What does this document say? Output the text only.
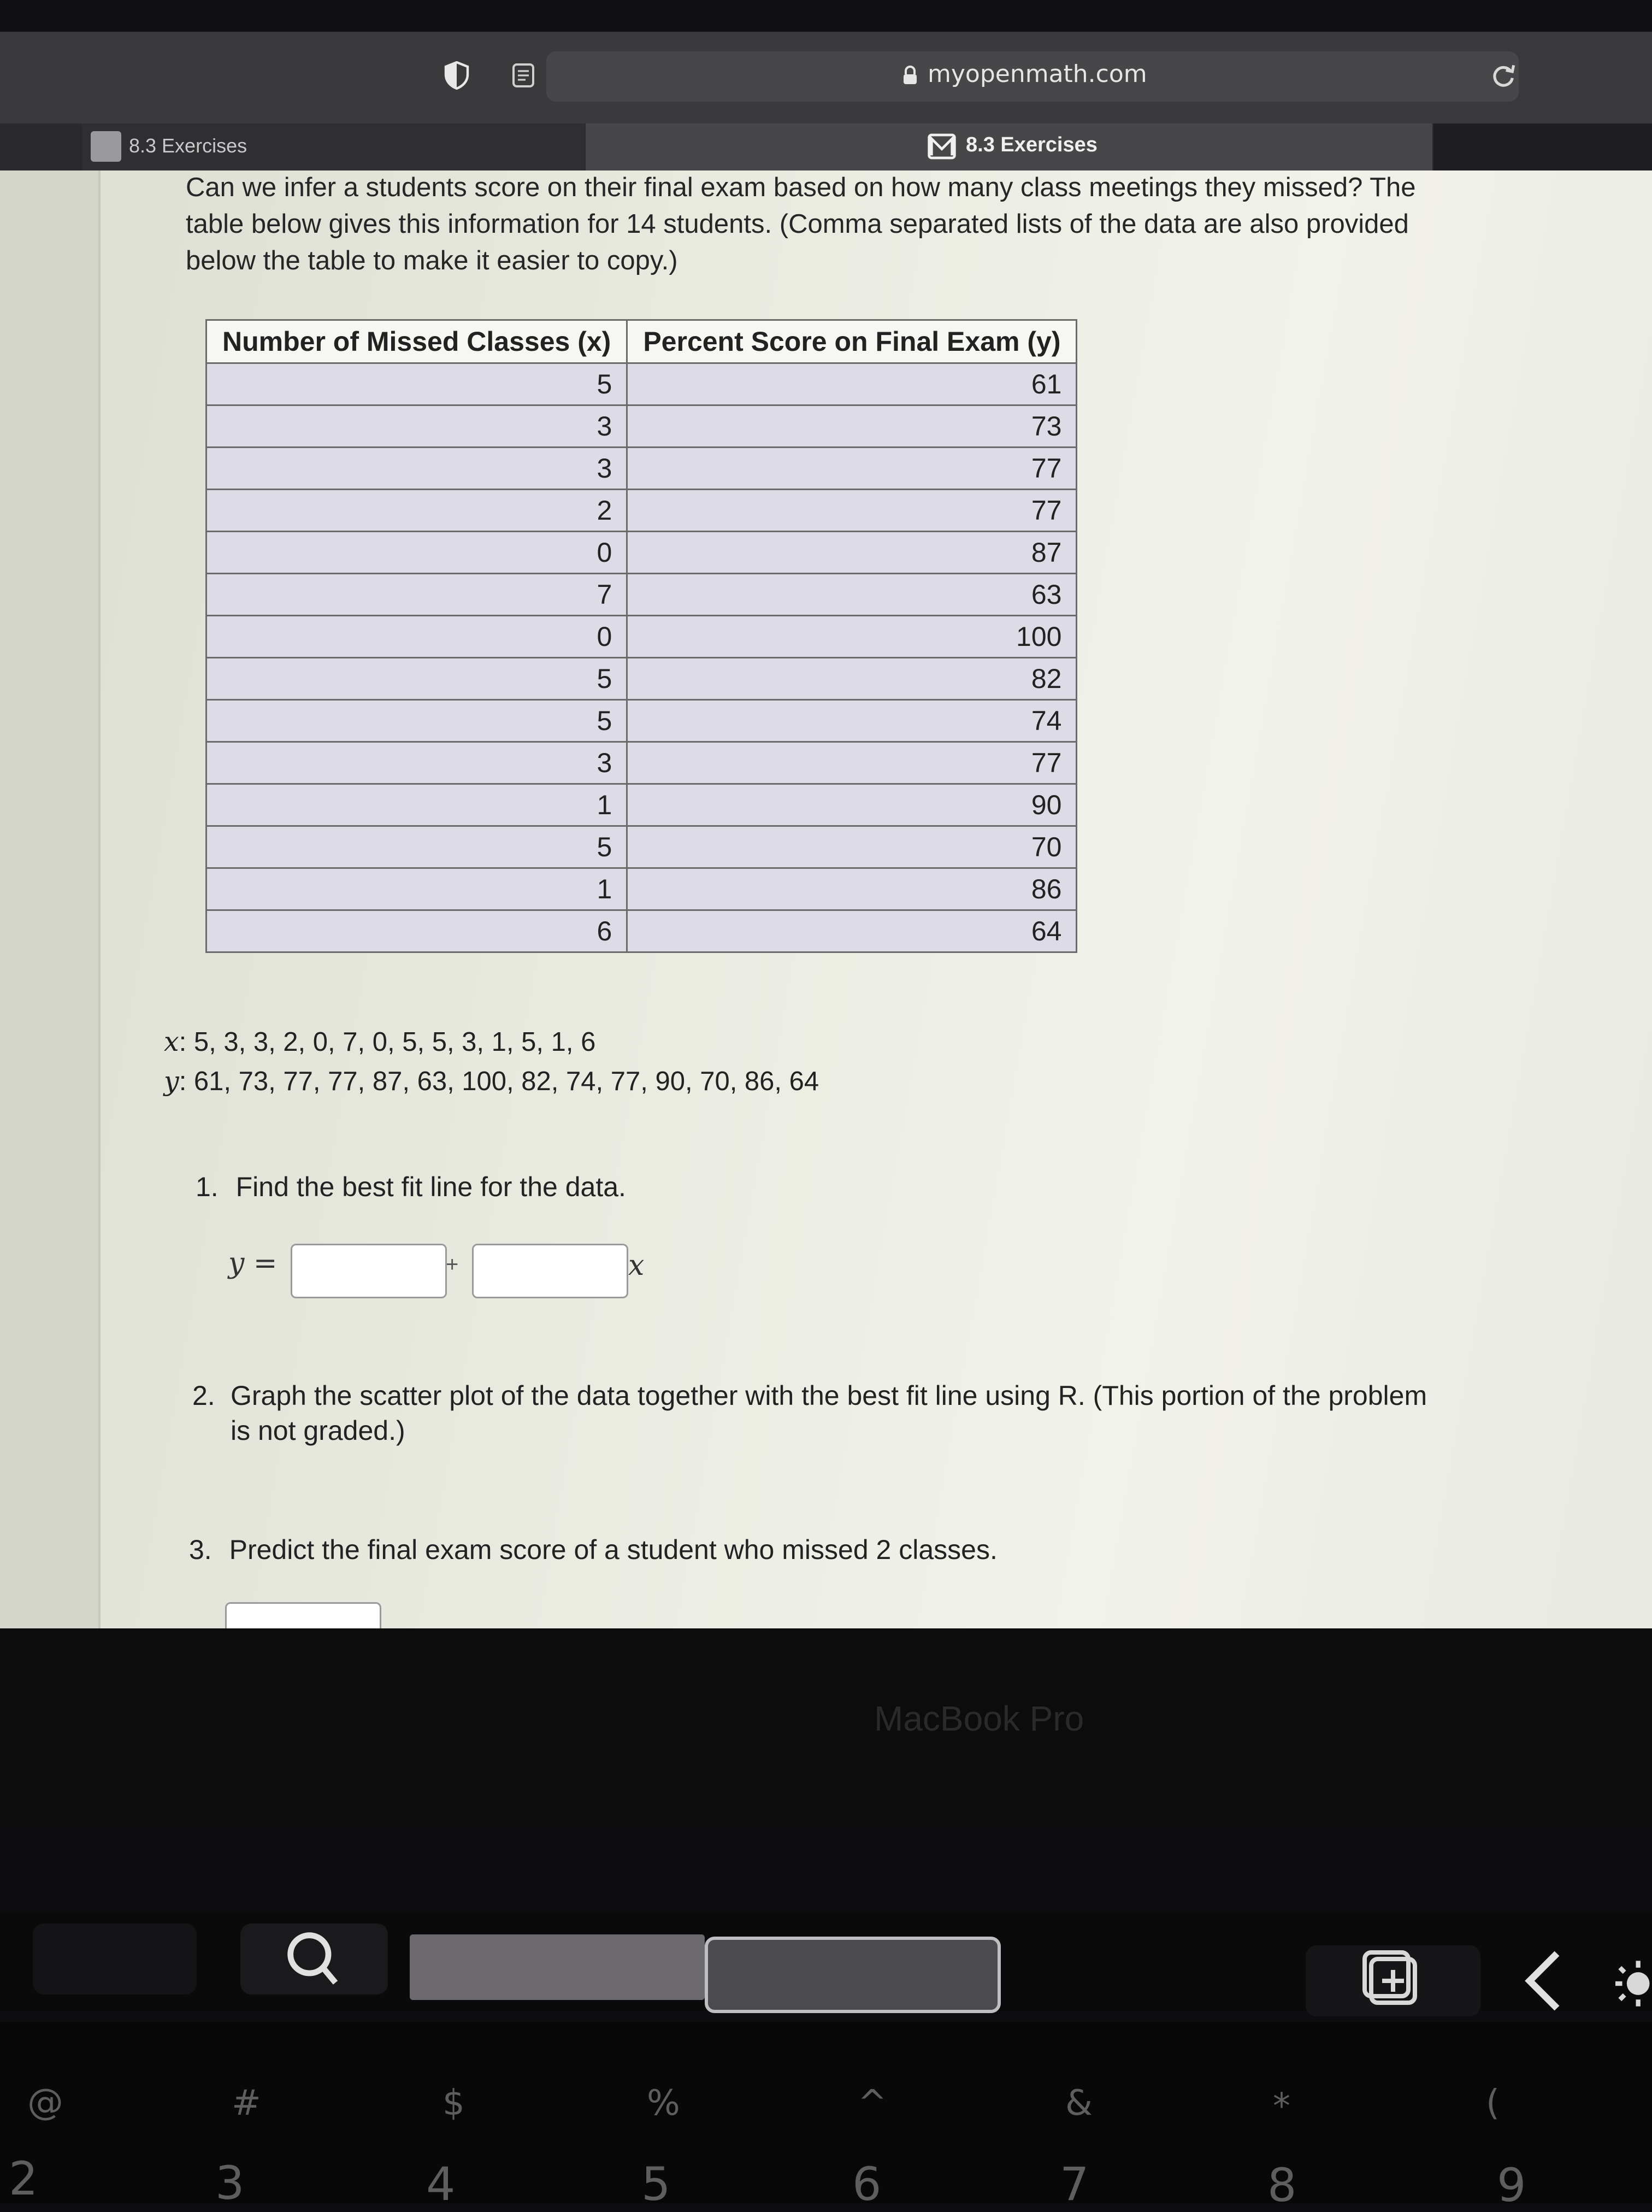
myopenmath.com
8.3 Exercises	8.3 Exercises
Can we infer a students score on their final exam based on how many class meetings they missed? The table below gives this information for 14 students. (Comma separated lists of the data are also provided below the table to make it easier to copy.)
Number of Missed Classes (x)	Percent Score on Final Exam (y)
5	61
3	73
3	77
2	77
0	87
7	63
0	100
5	82
5	74
3	77
1	90
5	70
1	86
6	64
x: 5, 3, 3, 2, 0, 7, 0, 5, 5, 3, 1, 5, 1, 6
y: 61, 73, 77, 77, 87, 63, 100, 82, 74, 77, 90, 70, 86, 64
1. Find the best fit line for the data.
y =	+	x
2. Graph the scatter plot of the data together with the best fit line using R. (This portion of the problem is not graded.)
3. Predict the final exam score of a student who missed 2 classes.
MacBook Pro
@
2
#
3
$
4
%
5
^
6
&
7
*
8
(
9
